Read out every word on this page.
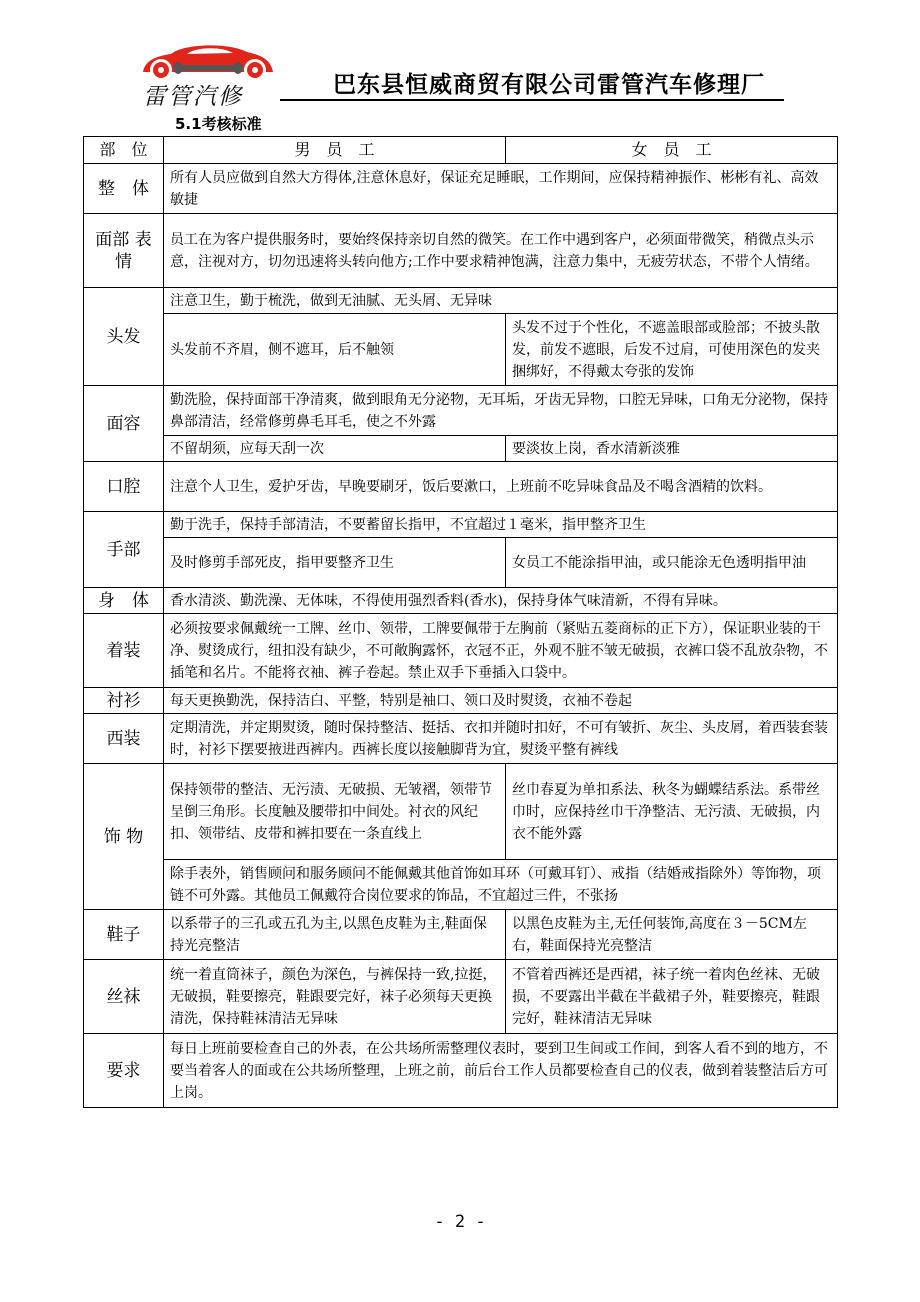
雷管汽修	巴东县恒威商贸有限公司雷管汽车修理厂
5.1考核标准
部　位	男　员　工	女　员　工
整　体	所有人员应做到自然大方得体,注意休息好，保证充足睡眠，工作期间，应保持精神振作、彬彬有礼、高效敏捷	
面部 表情	员工在为客户提供服务时，要始终保持亲切自然的微笑。在工作中遇到客户，必须面带微笑，稍微点头示意，注视对方，切勿迅速将头转向他方;工作中要求精神饱满，注意力集中，无疲劳状态，不带个人情绪。	
头发	注意卫生，勤于梳洗，做到无油腻、无头屑、无异味	
	头发前不齐眉，侧不遮耳，后不触领	头发不过于个性化，不遮盖眼部或脸部；不披头散发，前发不遮眼，后发不过肩，可使用深色的发夹捆绑好，不得戴太夸张的发饰
面容	勤洗脸，保持面部干净清爽，做到眼角无分泌物，无耳垢，牙齿无异物，口腔无异味，口角无分泌物，保持鼻部清洁，经常修剪鼻毛耳毛，使之不外露	
	不留胡须，应每天刮一次	要淡妆上岗，香水清新淡雅
口腔	注意个人卫生，爱护牙齿，早晚要刷牙，饭后要漱口，上班前不吃异味食品及不喝含酒精的饮料。	
手部	勤于洗手，保持手部清洁，不要蓄留长指甲，不宜超过１毫米，指甲整齐卫生	
	及时修剪手部死皮，指甲要整齐卫生	女员工不能涂指甲油，或只能涂无色透明指甲油
身　体	香水清淡、勤洗澡、无体味，不得使用强烈香料(香水)，保持身体气味清新，不得有异味。	
着装	必须按要求佩戴统一工牌、丝巾、领带，工牌要佩带于左胸前（紧贴五菱商标的正下方），保证职业装的干净、熨烫成行，纽扣没有缺少，不可敞胸露怀，衣冠不正，外观不脏不皱无破损，衣裤口袋不乱放杂物，不插笔和名片。不能将衣袖、裤子卷起。禁止双手下垂插入口袋中。	
衬衫	每天更换勤洗，保持洁白、平整，特别是袖口、领口及时熨烫，衣袖不卷起	
西装	定期清洗，并定期熨烫，随时保持整洁、挺括、衣扣并随时扣好，不可有皱折、灰尘、头皮屑，着西装套装时，衬衫下摆要掖进西裤内。西裤长度以接触脚背为宜，熨烫平整有裤线	
饰 物	保持领带的整洁、无污渍、无破损、无皱褶，领带节呈倒三角形。长度触及腰带扣中间处。衬衣的风纪扣、领带结、皮带和裤扣要在一条直线上	丝巾春夏为单扣系法、秋冬为蝴蝶结系法。系带丝巾时，应保持丝巾干净整洁、无污渍、无破损，内衣不能外露
	除手表外，销售顾问和服务顾问不能佩戴其他首饰如耳环（可戴耳钉）、戒指（结婚戒指除外）等饰物，项链不可外露。其他员工佩戴符合岗位要求的饰品，不宜超过三件，不张扬	
鞋子	以系带子的三孔或五孔为主,以黑色皮鞋为主,鞋面保持光亮整洁	以黑色皮鞋为主,无任何装饰,高度在３－5CM左右，鞋面保持光亮整洁
丝袜	统一着直筒袜子，颜色为深色，与裤保持一致,拉挺，无破损，鞋要擦亮，鞋跟要完好，袜子必须每天更换清洗，保持鞋袜清洁无异味	不管着西裤还是西裙，袜子统一着肉色丝袜、无破损，不要露出半截在半截裙子外，鞋要擦亮，鞋跟完好，鞋袜清洁无异味
要求	每日上班前要检查自己的外表，在公共场所需整理仪表时，要到卫生间或工作间，到客人看不到的地方，不要当着客人的面或在公共场所整理，上班之前，前后台工作人员都要检查自己的仪表，做到着装整洁后方可上岗。	
- 2 -
